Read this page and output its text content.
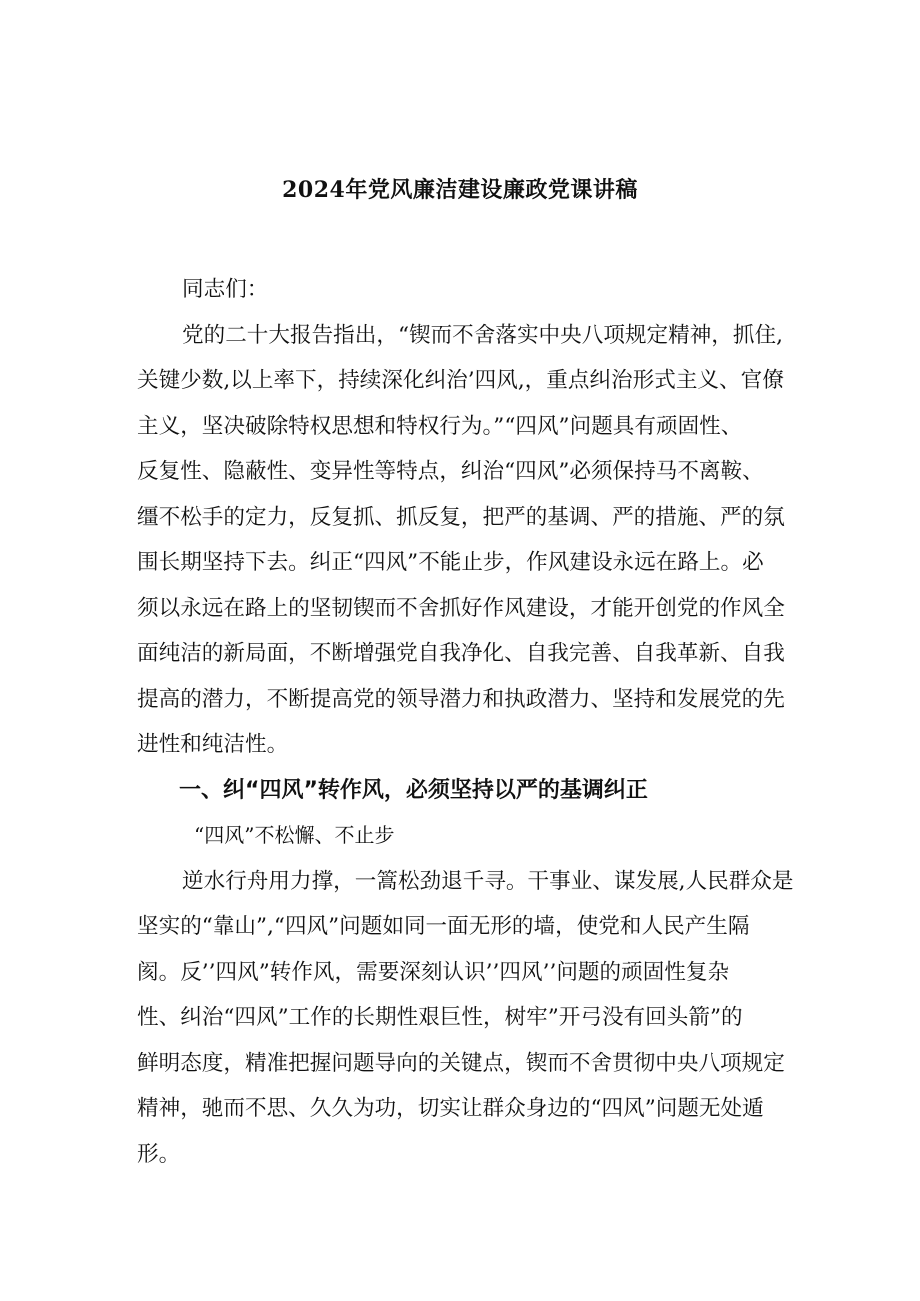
2024年党风廉洁建设廉政党课讲稿
同志们：
党的二十大报告指出，“锲而不舍落实中央八项规定精神，抓住,
关键少数,以上率下，持续深化纠治’四风,，重点纠治形式主义、官僚
主义，坚决破除特权思想和特权行为。”“四风”问题具有顽固性、
反复性、隐蔽性、变异性等特点，纠治“四风”必须保持马不离鞍、
缰不松手的定力，反复抓、抓反复，把严的基调、严的措施、严的氛
围长期坚持下去。纠正“四风”不能止步，作风建设永远在路上。必
须以永远在路上的坚韧锲而不舍抓好作风建设，才能开创党的作风全
面纯洁的新局面，不断增强党自我净化、自我完善、自我革新、自我
提高的潜力，不断提高党的领导潜力和执政潜力、坚持和发展党的先
进性和纯洁性。
一、纠“四风”转作风，必须坚持以严的基调纠正
“四风”不松懈、不止步
逆水行舟用力撑，一篙松劲退千寻。干事业、谋发展,人民群众是
坚实的“靠山”,“四风”问题如同一面无形的墙，使党和人民产生隔
阂。反’’四风”转作风，需要深刻认识’’四风’’问题的顽固性复杂
性、纠治“四风”工作的长期性艰巨性，树牢”开弓没有回头箭”的
鲜明态度，精准把握问题导向的关键点，锲而不舍贯彻中央八项规定
精神，驰而不思、久久为功，切实让群众身边的“四风”问题无处遁
形。
